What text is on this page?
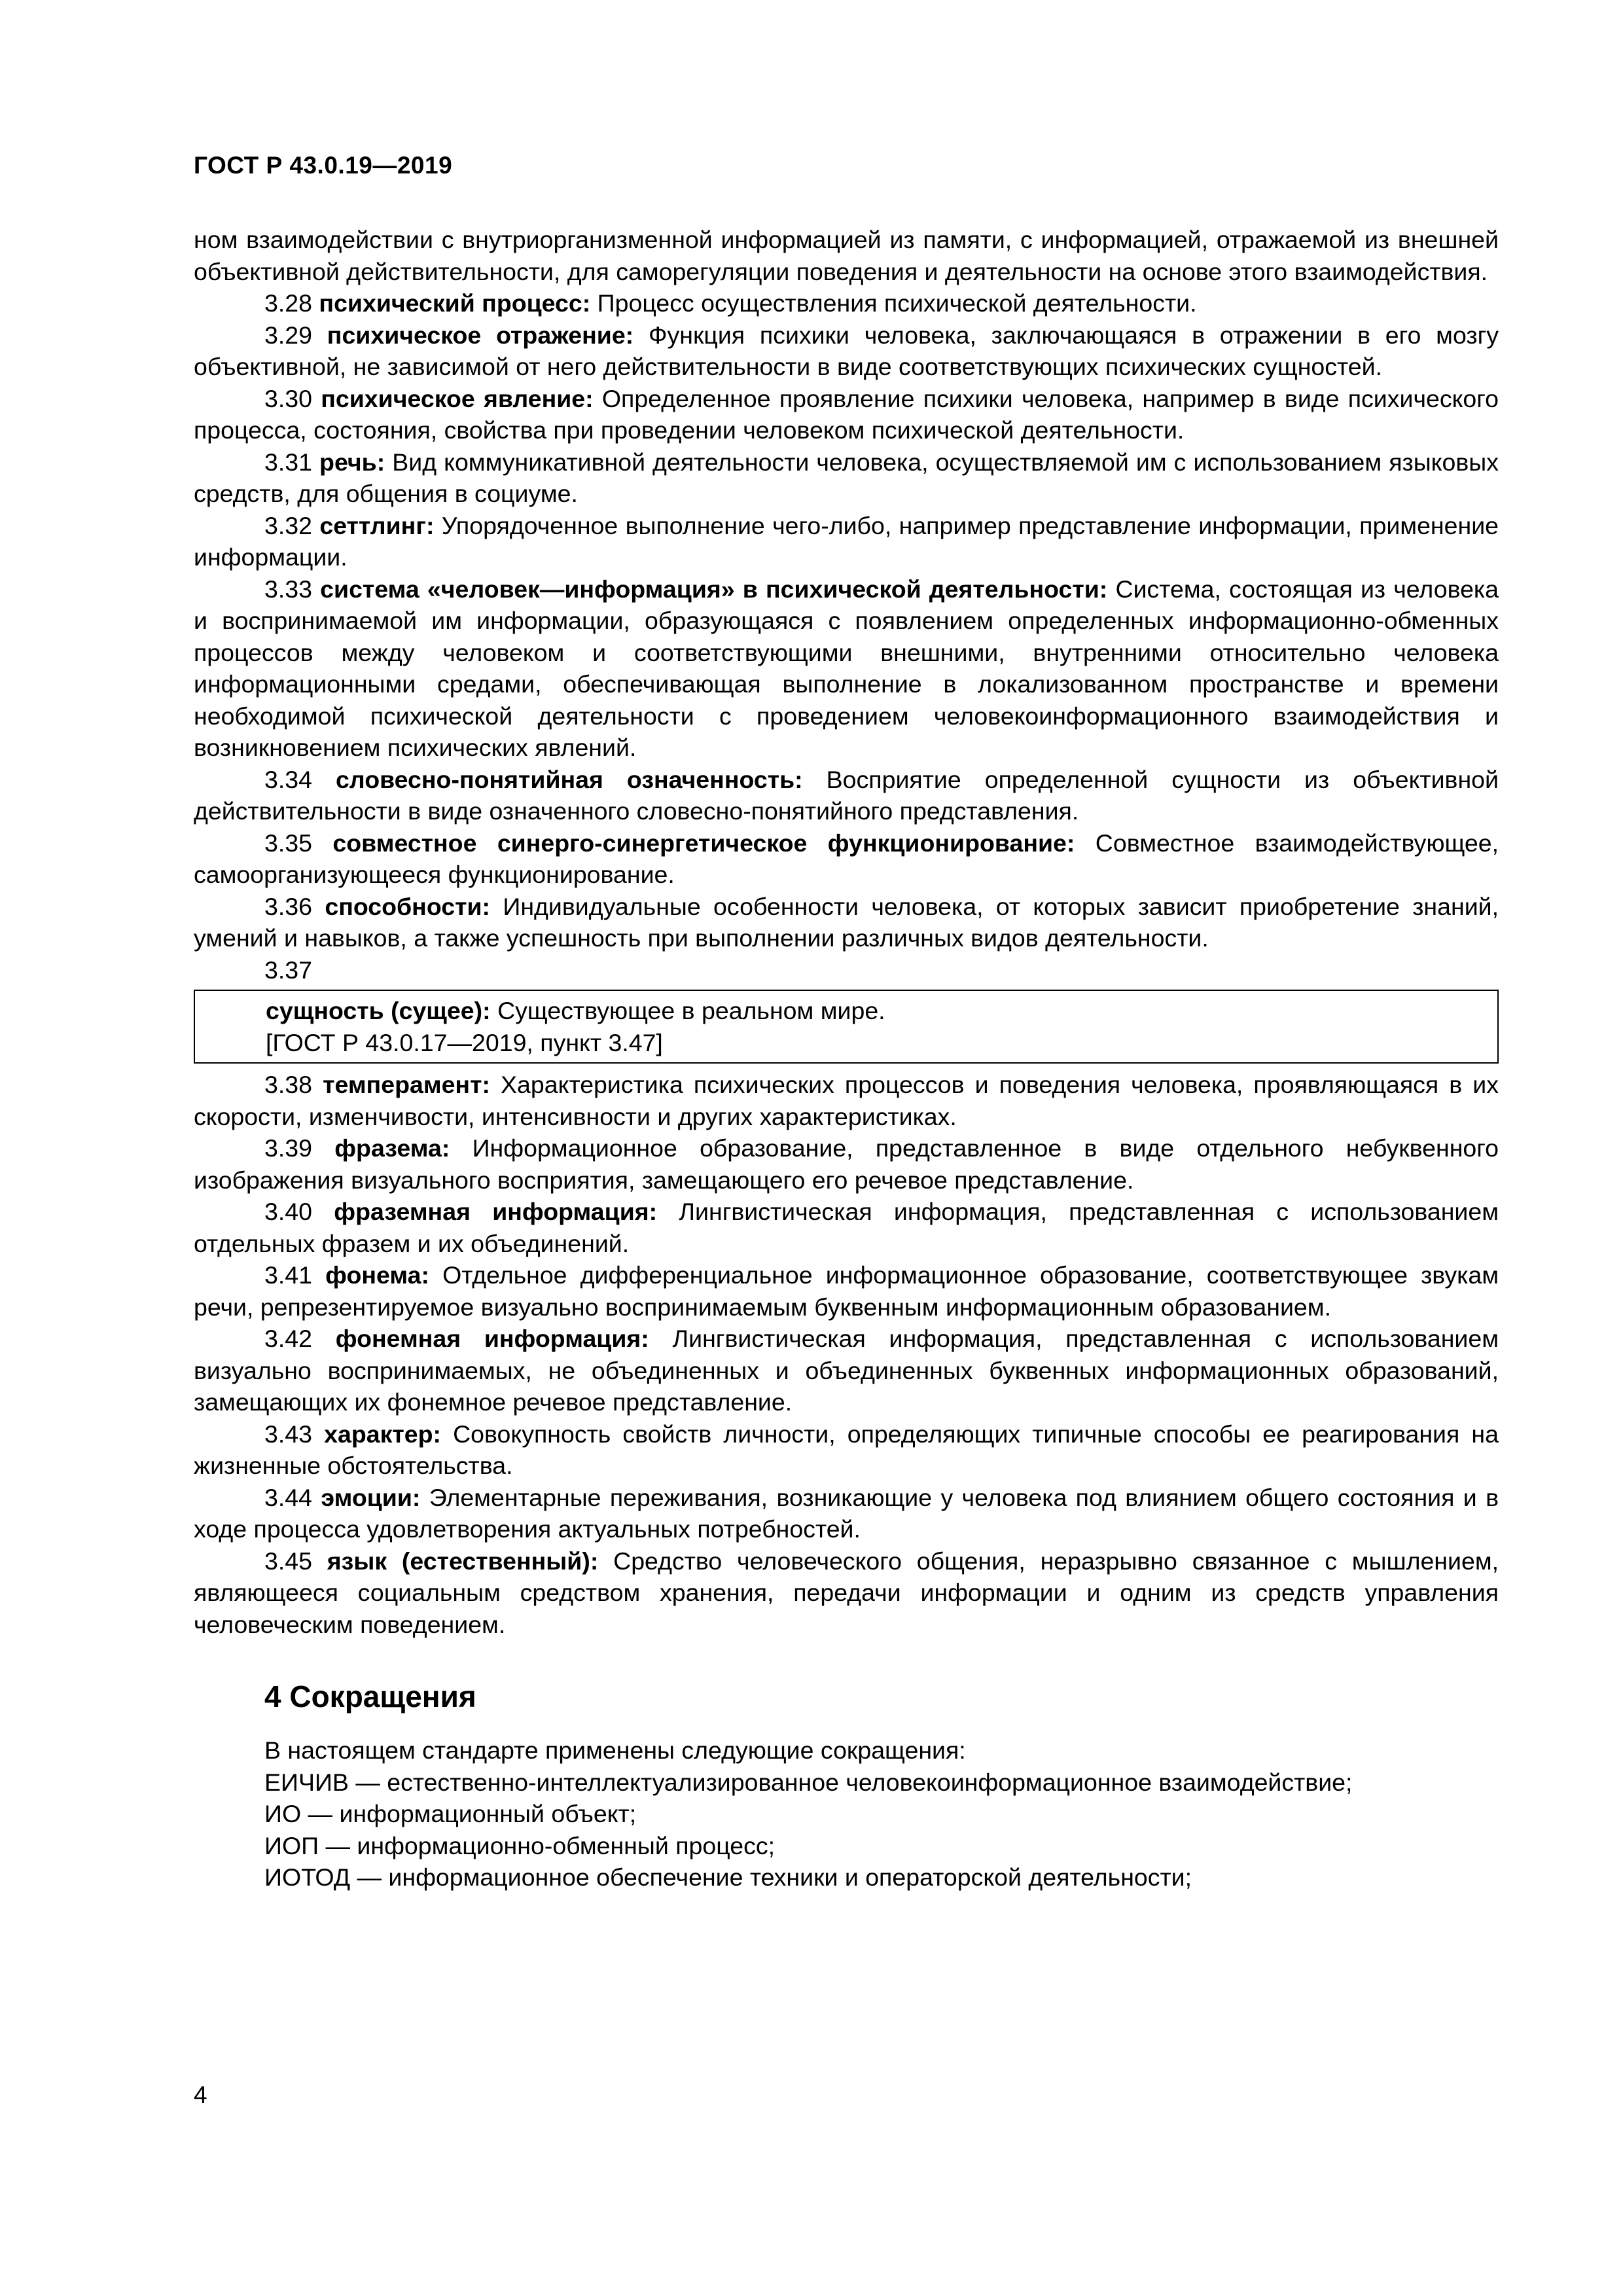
ГОСТ Р 43.0.19—2019

ном взаимодействии с внутриорганизменной информацией из памяти, с информацией, отражаемой из внешней объективной действительности, для саморегуляции поведения и деятельности на основе этого взаимодействия.

3.28 психический процесс: Процесс осуществления психической деятельности.

3.29 психическое отражение: Функция психики человека, заключающаяся в отражении в его мозгу объективной, не зависимой от него действительности в виде соответствующих психических сущностей.

3.30 психическое явление: Определенное проявление психики человека, например в виде психического процесса, состояния, свойства при проведении человеком психической деятельности.

3.31 речь: Вид коммуникативной деятельности человека, осуществляемой им с использованием языковых средств, для общения в социуме.

3.32 сеттлинг: Упорядоченное выполнение чего-либо, например представление информации, применение информации.

3.33 система «человек—информация» в психической деятельности: Система, состоящая из человека и воспринимаемой им информации, образующаяся с появлением определенных информационно-обменных процессов между человеком и соответствующими внешними, внутренними относительно человека информационными средами, обеспечивающая выполнение в локализованном пространстве и времени необходимой психической деятельности с проведением человекоинформационного взаимодействия и возникновением психических явлений.

3.34 словесно-понятийная означенность: Восприятие определенной сущности из объективной действительности в виде означенного словесно-понятийного представления.

3.35 совместное синерго-синергетическое функционирование: Совместное взаимодействующее, самоорганизующееся функционирование.

3.36 способности: Индивидуальные особенности человека, от которых зависит приобретение знаний, умений и навыков, а также успешность при выполнении различных видов деятельности.

3.37

сущность (сущее): Существующее в реальном мире.

[ГОСТ Р 43.0.17—2019, пункт 3.47]

3.38 темперамент: Характеристика психических процессов и поведения человека, проявляющаяся в их скорости, изменчивости, интенсивности и других характеристиках.

3.39 фразема: Информационное образование, представленное в виде отдельного небуквенного изображения визуального восприятия, замещающего его речевое представление.

3.40 фраземная информация: Лингвистическая информация, представленная с использованием отдельных фразем и их объединений.

3.41 фонема: Отдельное дифференциальное информационное образование, соответствующее звукам речи, репрезентируемое визуально воспринимаемым буквенным информационным образованием.

3.42 фонемная информация: Лингвистическая информация, представленная с использованием визуально воспринимаемых, не объединенных и объединенных буквенных информационных образований, замещающих их фонемное речевое представление.

3.43 характер: Совокупность свойств личности, определяющих типичные способы ее реагирования на жизненные обстоятельства.

3.44 эмоции: Элементарные переживания, возникающие у человека под влиянием общего состояния и в ходе процесса удовлетворения актуальных потребностей.

3.45 язык (естественный): Средство человеческого общения, неразрывно связанное с мышлением, являющееся социальным средством хранения, передачи информации и одним из средств управления человеческим поведением.

4 Сокращения

В настоящем стандарте применены следующие сокращения:

ЕИЧИВ — естественно-интеллектуализированное человекоинформационное взаимодействие;

ИО — информационный объект;

ИОП — информационно-обменный процесс;

ИОТОД — информационное обеспечение техники и операторской деятельности;

4
